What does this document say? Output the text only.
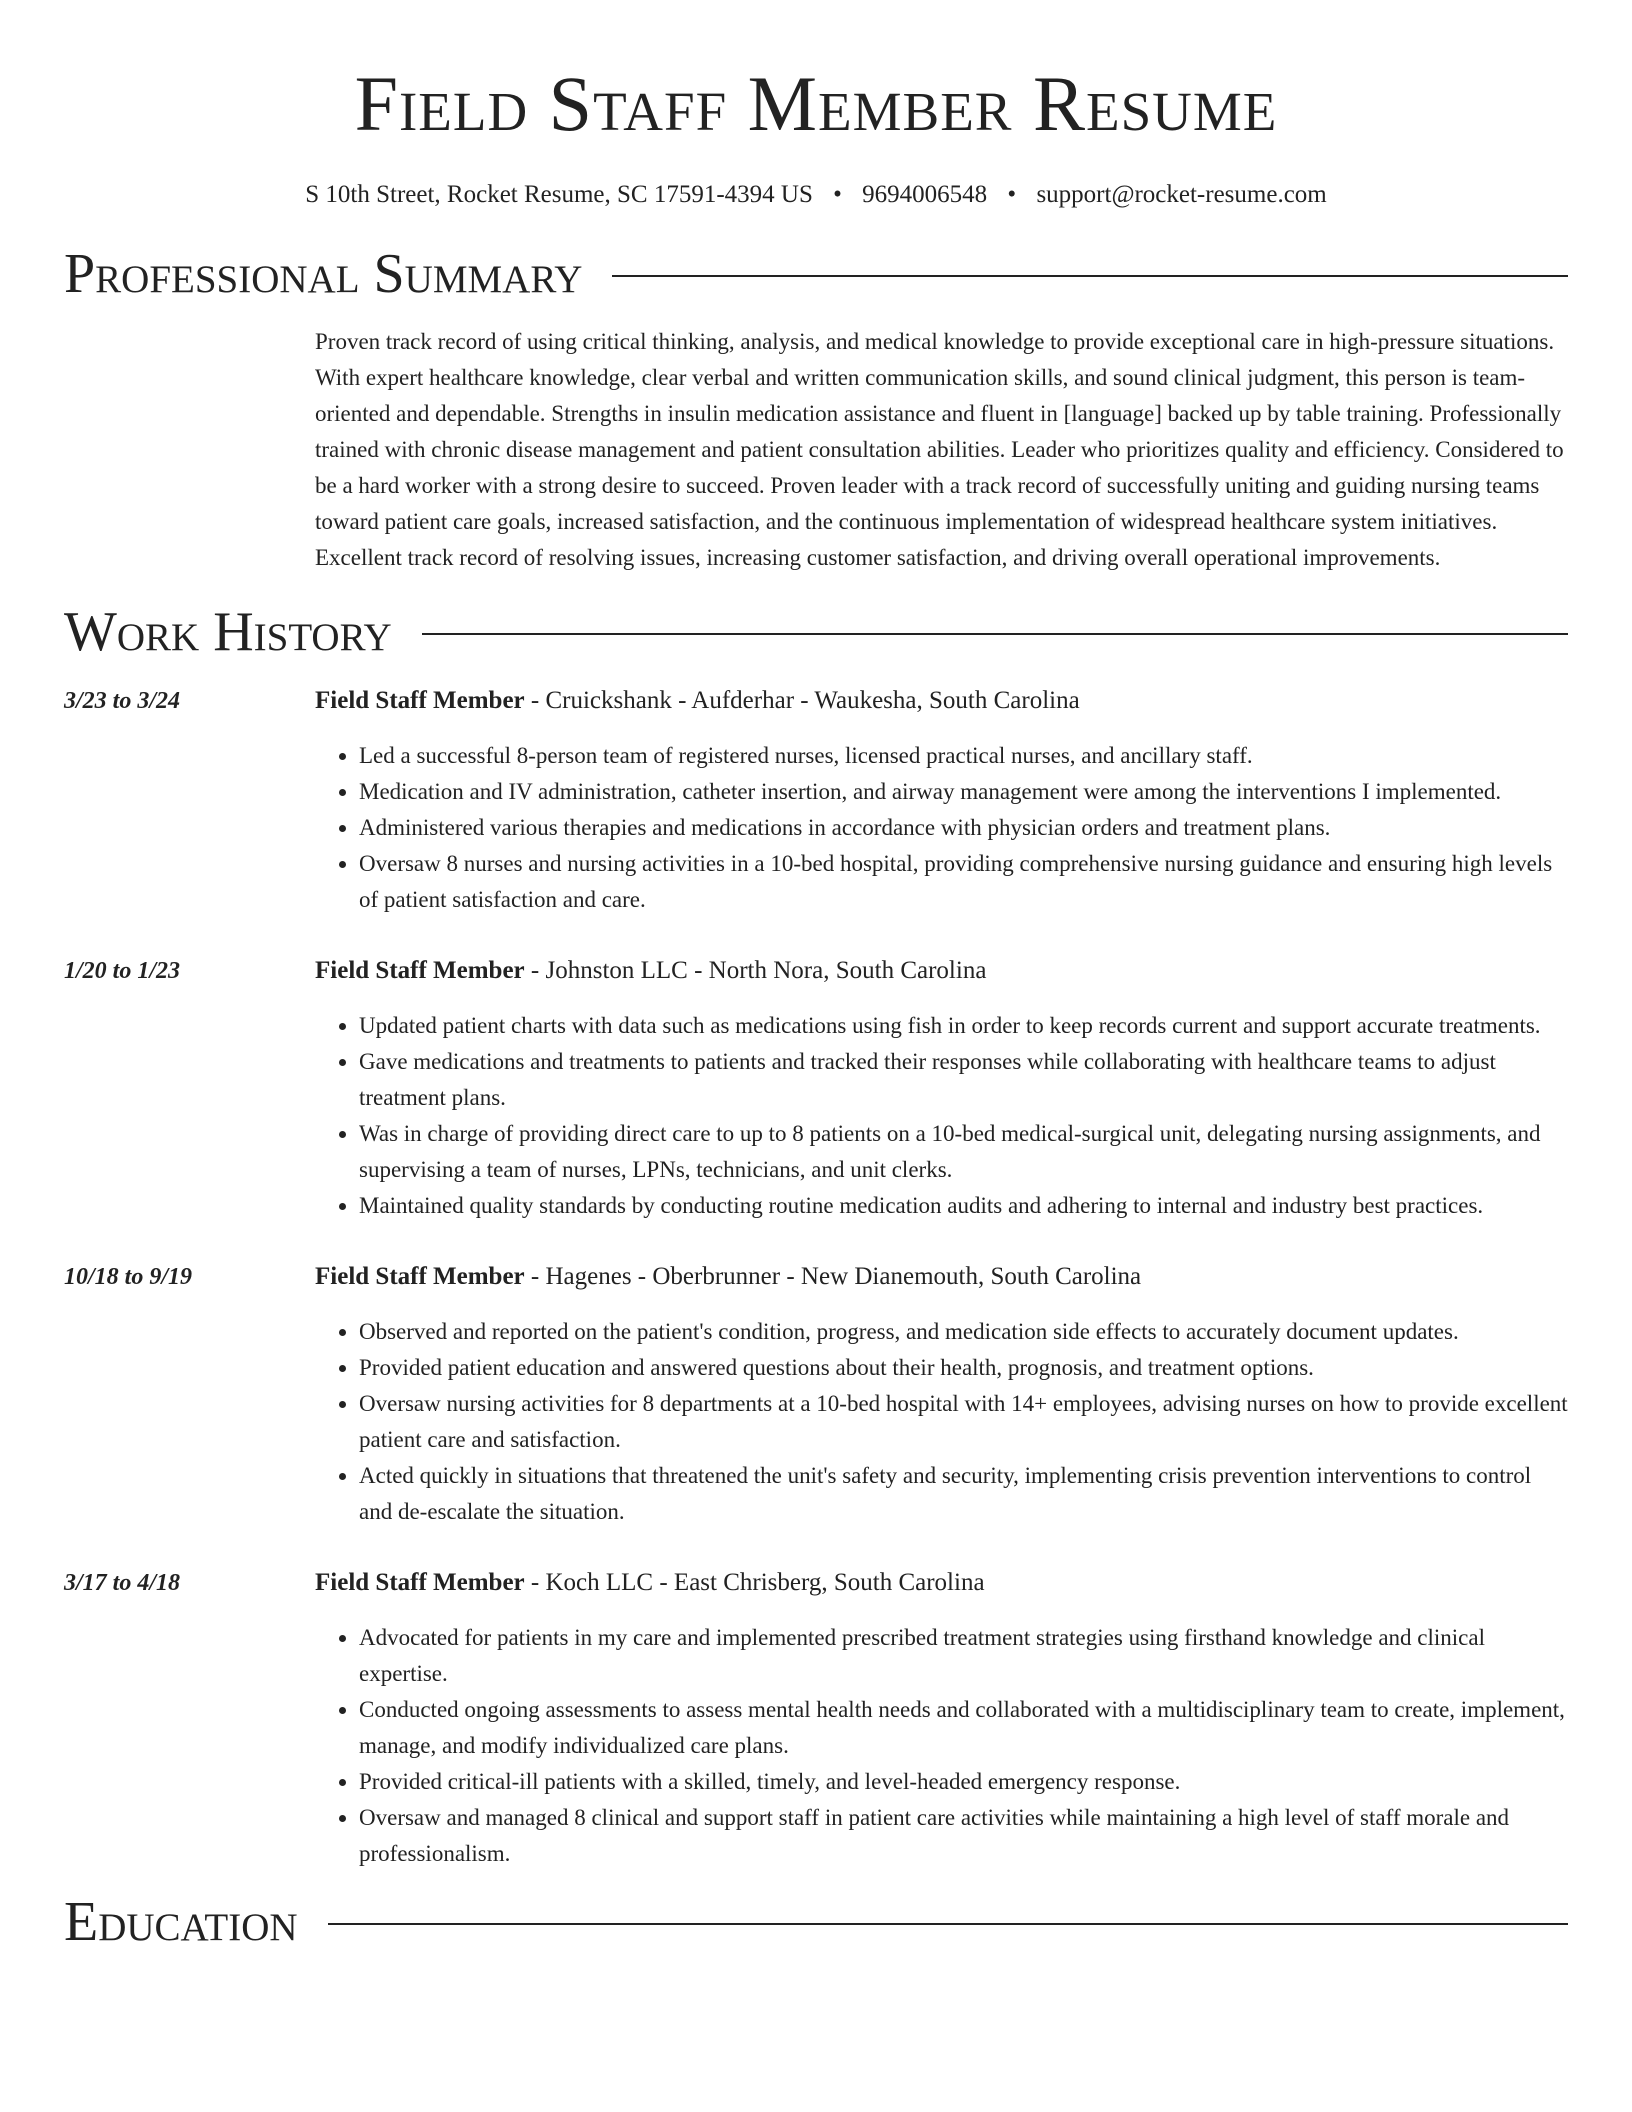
Field Staff Member Resume
S 10th Street, Rocket Resume, SC 17591-4394 US • 9694006548 • support@rocket-resume.com
Professional Summary
Proven track record of using critical thinking, analysis, and medical knowledge to provide exceptional care in high-pressure situations. With expert healthcare knowledge, clear verbal and written communication skills, and sound clinical judgment, this person is team-oriented and dependable. Strengths in insulin medication assistance and fluent in [language] backed up by table training. Professionally trained with chronic disease management and patient consultation abilities. Leader who prioritizes quality and efficiency. Considered to be a hard worker with a strong desire to succeed. Proven leader with a track record of successfully uniting and guiding nursing teams toward patient care goals, increased satisfaction, and the continuous implementation of widespread healthcare system initiatives. Excellent track record of resolving issues, increasing customer satisfaction, and driving overall operational improvements.
Work History
3/23 to 3/24	Field Staff Member - Cruickshank - Aufderhar - Waukesha, South Carolina
• Led a successful 8-person team of registered nurses, licensed practical nurses, and ancillary staff.
• Medication and IV administration, catheter insertion, and airway management were among the interventions I implemented.
• Administered various therapies and medications in accordance with physician orders and treatment plans.
• Oversaw 8 nurses and nursing activities in a 10-bed hospital, providing comprehensive nursing guidance and ensuring high levels of patient satisfaction and care.
1/20 to 1/23	Field Staff Member - Johnston LLC - North Nora, South Carolina
• Updated patient charts with data such as medications using fish in order to keep records current and support accurate treatments.
• Gave medications and treatments to patients and tracked their responses while collaborating with healthcare teams to adjust treatment plans.
• Was in charge of providing direct care to up to 8 patients on a 10-bed medical-surgical unit, delegating nursing assignments, and supervising a team of nurses, LPNs, technicians, and unit clerks.
• Maintained quality standards by conducting routine medication audits and adhering to internal and industry best practices.
10/18 to 9/19	Field Staff Member - Hagenes - Oberbrunner - New Dianemouth, South Carolina
• Observed and reported on the patient's condition, progress, and medication side effects to accurately document updates.
• Provided patient education and answered questions about their health, prognosis, and treatment options.
• Oversaw nursing activities for 8 departments at a 10-bed hospital with 14+ employees, advising nurses on how to provide excellent patient care and satisfaction.
• Acted quickly in situations that threatened the unit's safety and security, implementing crisis prevention interventions to control and de-escalate the situation.
3/17 to 4/18	Field Staff Member - Koch LLC - East Chrisberg, South Carolina
• Advocated for patients in my care and implemented prescribed treatment strategies using firsthand knowledge and clinical expertise.
• Conducted ongoing assessments to assess mental health needs and collaborated with a multidisciplinary team to create, implement, manage, and modify individualized care plans.
• Provided critical-ill patients with a skilled, timely, and level-headed emergency response.
• Oversaw and managed 8 clinical and support staff in patient care activities while maintaining a high level of staff morale and professionalism.
Education
